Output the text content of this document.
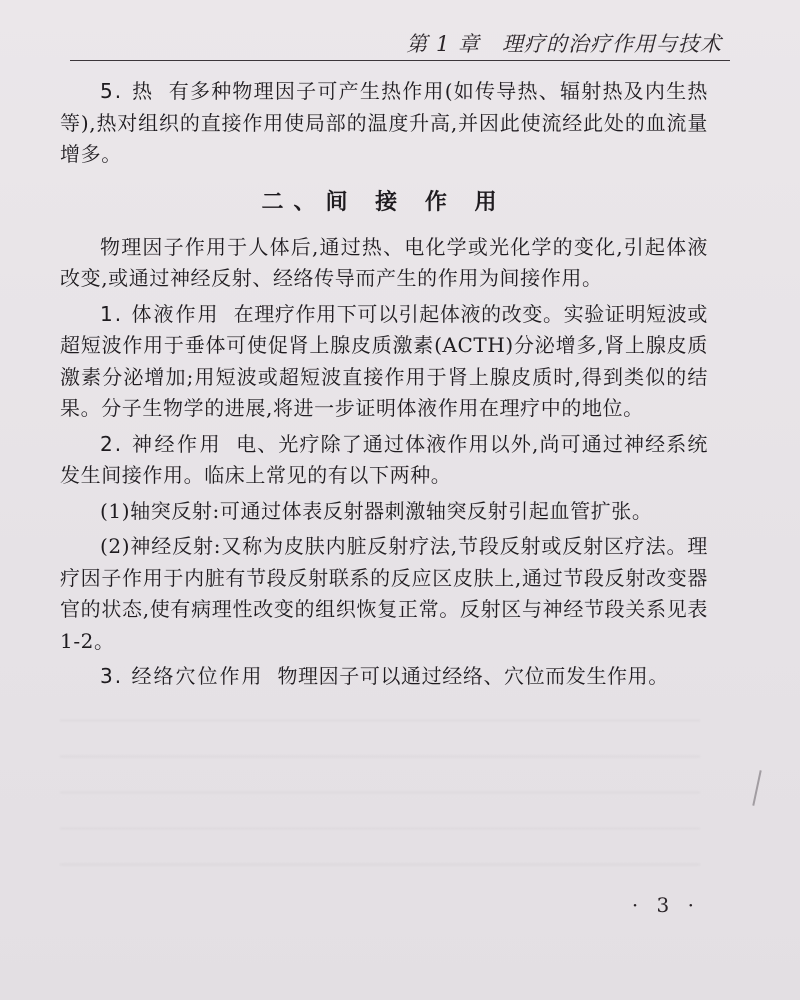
第 1 章　理疗的治疗作用与技术

5. 热 有多种物理因子可产生热作用(如传导热、辐射热及内生热等),热对组织的直接作用使局部的温度升高,并因此使流经此处的血流量增多。

二、间 接 作 用

物理因子作用于人体后,通过热、电化学或光化学的变化,引起体液改变,或通过神经反射、经络传导而产生的作用为间接作用。

1. 体液作用 在理疗作用下可以引起体液的改变。实验证明短波或超短波作用于垂体可使促肾上腺皮质激素(ACTH)分泌增多,肾上腺皮质激素分泌增加;用短波或超短波直接作用于肾上腺皮质时,得到类似的结果。分子生物学的进展,将进一步证明体液作用在理疗中的地位。

2. 神经作用 电、光疗除了通过体液作用以外,尚可通过神经系统发生间接作用。临床上常见的有以下两种。

(1)轴突反射:可通过体表反射器刺激轴突反射引起血管扩张。

(2)神经反射:又称为皮肤内脏反射疗法,节段反射或反射区疗法。理疗因子作用于内脏有节段反射联系的反应区皮肤上,通过节段反射改变器官的状态,使有病理性改变的组织恢复正常。反射区与神经节段关系见表 1-2。

3. 经络穴位作用 物理因子可以通过经络、穴位而发生作用。

· 3 ·
